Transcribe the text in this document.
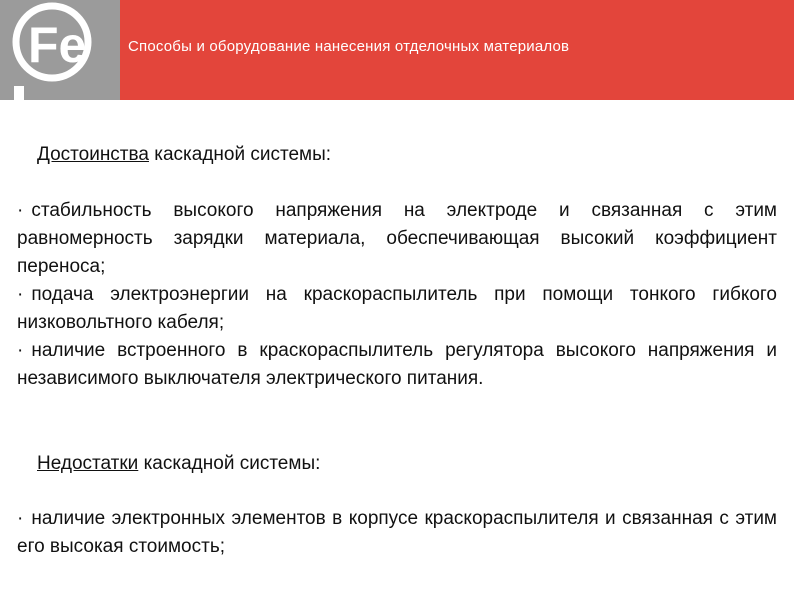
Fe	Способы и оборудование нанесения отделочных материалов
Достоинства каскадной системы:
· стабильность высокого напряжения на электроде и связанная с этим равномерность зарядки материала, обеспечивающая высокий коэффициент переноса;
· подача электроэнергии на краскораспылитель при помощи тонкого гибкого низковольтного кабеля;
· наличие встроенного в краскораспылитель регулятора высокого напряжения и независимого выключателя электрического питания.
Недостатки каскадной системы:
· наличие электронных элементов в корпусе краскораспылителя и связанная с этим его высокая стоимость;
